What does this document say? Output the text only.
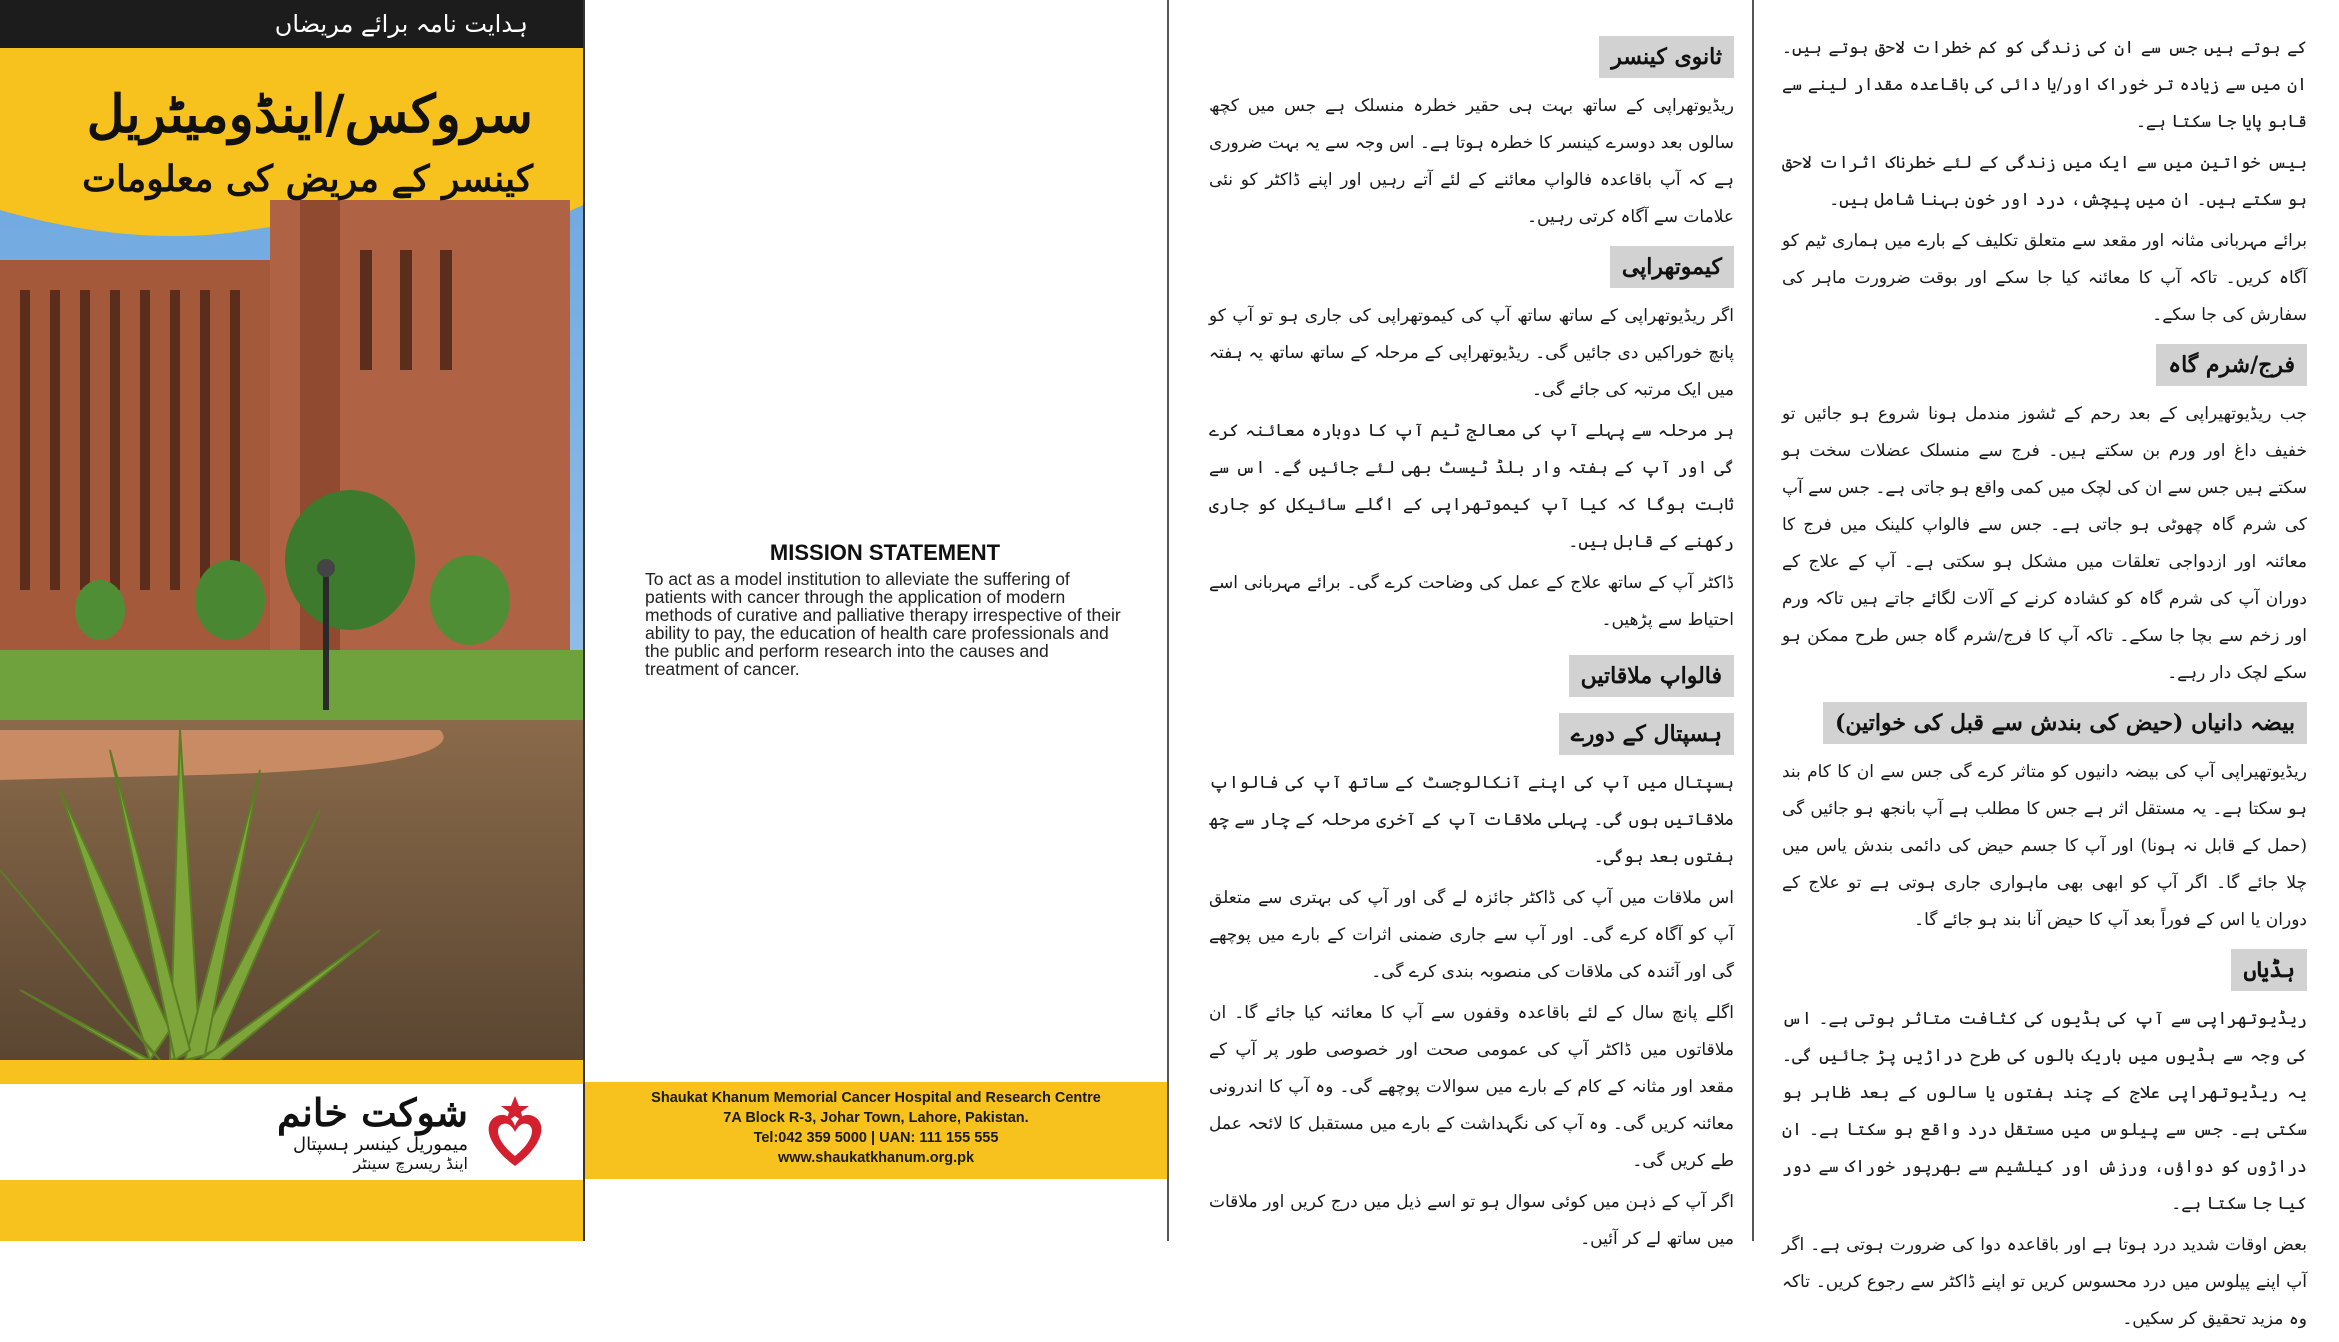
ہدایت نامہ برائے مریضاں
سروکس/اینڈومیٹریل
کینسر کے مریض کی معلومات
شوکت خانم
میموریل کینسر ہسپتال
اینڈ ریسرچ سینٹر
MISSION STATEMENT

To act as a model institution to alleviate the suffering of patients with cancer through the application of modern methods of curative and palliative therapy irrespective of their ability to pay, the education of health care professionals and the public and perform research into the causes and treatment of cancer.

Shaukat Khanum Memorial Cancer Hospital and Research Centre
7A Block R-3, Johar Town, Lahore, Pakistan.
Tel:042 359 5000 | UAN: 111 155 555
www.shaukatkhanum.org.pk
ثانوی کینسر

ریڈیوتھراپی کے ساتھ بہت ہی حقیر خطرہ منسلک ہے جس میں کچھ سالوں بعد دوسرے کینسر کا خطرہ ہوتا ہے۔ اس وجہ سے یہ بہت ضروری ہے کہ آپ باقاعدہ فالواپ معائنے کے لئے آتے رہیں اور اپنے ڈاکٹر کو نئی علامات سے آگاہ کرتی رہیں۔

کیموتھراپی

اگر ریڈیوتھراپی کے ساتھ ساتھ آپ کی کیموتھراپی کی جاری ہو تو آپ کو پانچ خوراکیں دی جائیں گی۔ ریڈیوتھراپی کے مرحلہ کے ساتھ ساتھ یہ ہفتہ میں ایک مرتبہ کی جائے گی۔

ہر مرحلہ سے پہلے آپ کی معالج ٹیم آپ کا دوبارہ معائنہ کرے گی اور آپ کے ہفتہ وار بلڈ ٹیسٹ بھی لئے جائیں گے۔ اس سے ثابت ہوگا کہ کیا آپ کیموتھراپی کے اگلے سائیکل کو جاری رکھنے کے قابل ہیں۔

ڈاکٹر آپ کے ساتھ علاج کے عمل کی وضاحت کرے گی۔ برائے مہربانی اسے احتیاط سے پڑھیں۔

فالواپ ملاقاتیں
ہسپتال کے دورے

ہسپتال میں آپ کی اپنے آنکالوجسٹ کے ساتھ آپ کی فالواپ ملاقاتیں ہوں گی۔ پہلی ملاقات آپ کے آخری مرحلہ کے چار سے چھ ہفتوں بعد ہوگی۔

اس ملاقات میں آپ کی ڈاکٹر جائزہ لے گی اور آپ کی بہتری سے متعلق آپ کو آگاہ کرے گی۔ اور آپ سے جاری ضمنی اثرات کے بارے میں پوچھے گی اور آئندہ کی ملاقات کی منصوبہ بندی کرے گی۔

اگلے پانچ سال کے لئے باقاعدہ وقفوں سے آپ کا معائنہ کیا جائے گا۔ ان ملاقاتوں میں ڈاکٹر آپ کی عمومی صحت اور خصوصی طور پر آپ کے مقعد اور مثانہ کے کام کے بارے میں سوالات پوچھے گی۔ وہ آپ کا اندرونی معائنہ کریں گی۔ وہ آپ کی نگہداشت کے بارے میں مستقبل کا لائحہ عمل طے کریں گی۔

اگر آپ کے ذہن میں کوئی سوال ہو تو اسے ذیل میں درج کریں اور ملاقات میں ساتھ لے کر آئیں۔

کے ہوتے ہیں جس سے ان کی زندگی کو کم خطرات لاحق ہوتے ہیں۔ ان میں سے زیادہ تر خوراک اور/یا دائی کی باقاعدہ مقدار لینے سے قابو پایا جا سکتا ہے۔

بیس خواتین میں سے ایک میں زندگی کے لئے خطرناک اثرات لاحق ہو سکتے ہیں۔ ان میں پیچش، درد اور خون بہنا شامل ہیں۔

برائے مہربانی مثانہ اور مقعد سے متعلق تکلیف کے بارے میں ہماری ٹیم کو آگاہ کریں۔ تاکہ آپ کا معائنہ کیا جا سکے اور بوقت ضرورت ماہر کی سفارش کی جا سکے۔

فرج/شرم گاہ

جب ریڈیوتھیراپی کے بعد رحم کے ٹشوز مندمل ہونا شروع ہو جائیں تو خفیف داغ اور ورم بن سکتے ہیں۔ فرج سے منسلک عضلات سخت ہو سکتے ہیں جس سے ان کی لچک میں کمی واقع ہو جاتی ہے۔ جس سے آپ کی شرم گاہ چھوٹی ہو جاتی ہے۔ جس سے فالواپ کلینک میں فرج کا معائنہ اور ازدواجی تعلقات میں مشکل ہو سکتی ہے۔ آپ کے علاج کے دوران آپ کی شرم گاہ کو کشادہ کرنے کے آلات لگائے جاتے ہیں تاکہ ورم اور زخم سے بچا جا سکے۔ تاکہ آپ کا فرج/شرم گاہ جس طرح ممکن ہو سکے لچک دار رہے۔

بیضہ دانیاں (حیض کی بندش سے قبل کی خواتین)

ریڈیوتھیراپی آپ کی بیضہ دانیوں کو متاثر کرے گی جس سے ان کا کام بند ہو سکتا ہے۔ یہ مستقل اثر ہے جس کا مطلب ہے آپ بانجھ ہو جائیں گی (حمل کے قابل نہ ہونا) اور آپ کا جسم حیض کی دائمی بندش یاس میں چلا جائے گا۔ اگر آپ کو ابھی بھی ماہواری جاری ہوتی ہے تو علاج کے دوران یا اس کے فوراً بعد آپ کا حیض آنا بند ہو جائے گا۔

ہڈیاں

ریڈیوتھراپی سے آپ کی ہڈیوں کی کثافت متاثر ہوتی ہے۔ اس کی وجہ سے ہڈیوں میں باریک بالوں کی طرح دراڑیں پڑ جائیں گی۔ یہ ریڈیوتھراپی علاج کے چند ہفتوں یا سالوں کے بعد ظاہر ہو سکتی ہے۔ جس سے پیلوس میں مستقل درد واقع ہو سکتا ہے۔ ان دراڑوں کو دواؤں، ورزش اور کیلشیم سے بھرپور خوراک سے دور کیا جا سکتا ہے۔

بعض اوقات شدید درد ہوتا ہے اور باقاعدہ دوا کی ضرورت ہوتی ہے۔ اگر آپ اپنے پیلوس میں درد محسوس کریں تو اپنے ڈاکٹر سے رجوع کریں۔ تاکہ وہ مزید تحقیق کر سکیں۔
